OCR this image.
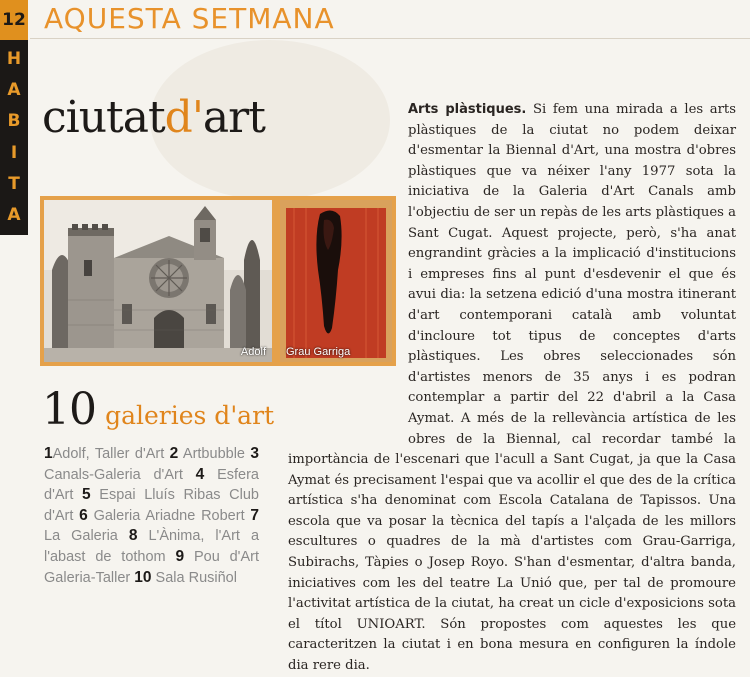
12
H
A
B
I
T
A
AQUESTA SETMANA
ciutatd'art
Adolf Grau Garriga
10 galeries d'art
1Adolf, Taller d'Art 2 Artbubble 3 Canals-Galeria d'Art 4 Esfera d'Art 5 Espai Lluís Ribas Club d'Art 6 Galeria Ariadne Robert 7 La Galeria 8 L'Ànima, l'Art a l'abast de tothom 9 Pou d'Art Galeria-Taller 10 Sala Rusiñol
Arts plàstiques. Si fem una mirada a les arts plàstiques de la ciutat no podem deixar d'esmentar la Biennal d'Art, una mostra d'obres plàstiques que va néixer l'any 1977 sota la iniciativa de la Galeria d'Art Canals amb l'objectiu de ser un repàs de les arts plàstiques a Sant Cugat. Aquest projecte, però, s'ha anat engrandint gràcies a la implicació d'institucions i empreses fins al punt d'esdevenir el que és avui dia: la setzena edició d'una mostra itinerant d'art contemporani català amb voluntat d'incloure tot tipus de conceptes d'arts plàstiques. Les obres seleccionades són d'artistes menors de 35 anys i es podran contemplar a partir del 22 d'abril a la Casa Aymat. A més de la rellevància artística de les obres de la Biennal, cal recordar també la importància de l'escenari que l'acull a Sant Cugat, ja que la Casa Aymat és precisament l'espai que va acollir el que des de la crítica artística s'ha denominat com Escola Catalana de Tapissos. Una escola que va posar la tècnica del tapís a l'alçada de les millors escultures o quadres de la mà d'artistes com Grau-Garriga, Subirachs, Tàpies o Josep Royo. S'han d'esmentar, d'altra banda, iniciatives com les del teatre La Unió que, per tal de promoure l'activitat artística de la ciutat, ha creat un cicle d'exposicions sota el títol UNIOART. Són propostes com aquestes les que caracteritzen la ciutat i en bona mesura en configuren la índole dia rere dia.
